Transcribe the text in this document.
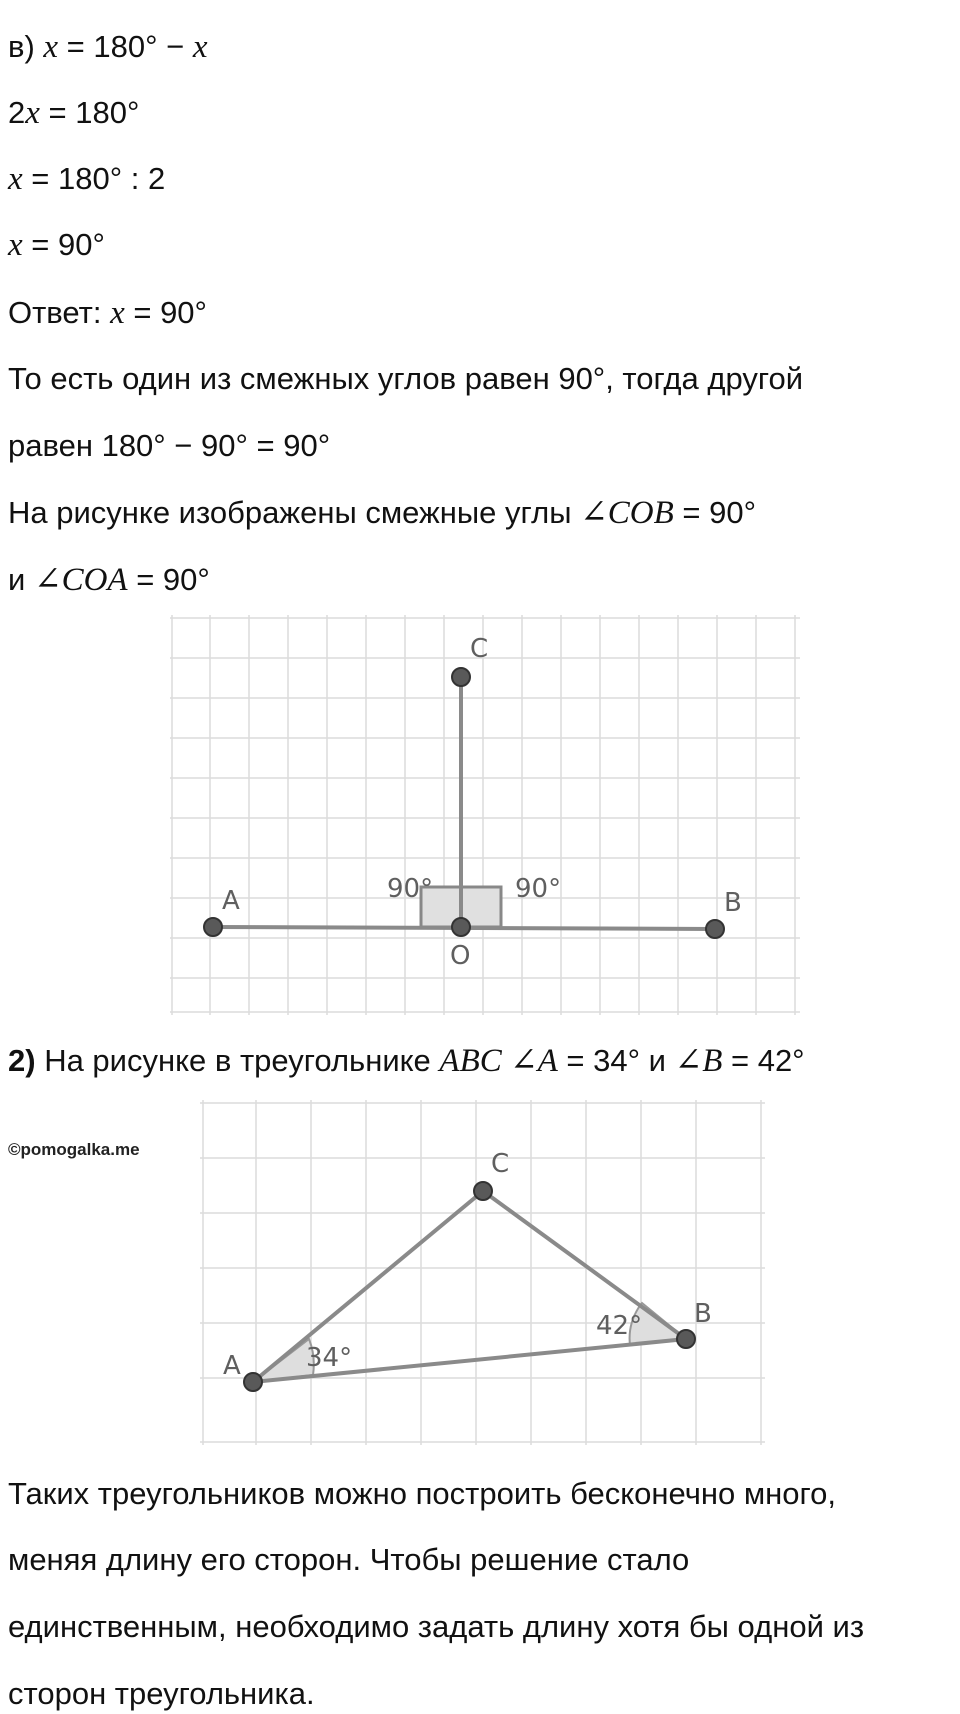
в) x = 180° − x
2x = 180°
x = 180° : 2
x = 90°
Ответ: x = 90°
То есть один из смежных углов равен 90°, тогда другой
равен 180° − 90° = 90°
На рисунке изображены смежные углы ∠COB = 90°
и ∠COA = 90°
A	B
C
O
90°	90°
2) На рисунке в треугольнике ABC ∠A = 34° и ∠B = 42°
©pomogalka.me
A
B
C
34°
42°
Таких треугольников можно построить бесконечно много,
меняя длину его сторон. Чтобы решение стало
единственным, необходимо задать длину хотя бы одной из
сторон треугольника.
